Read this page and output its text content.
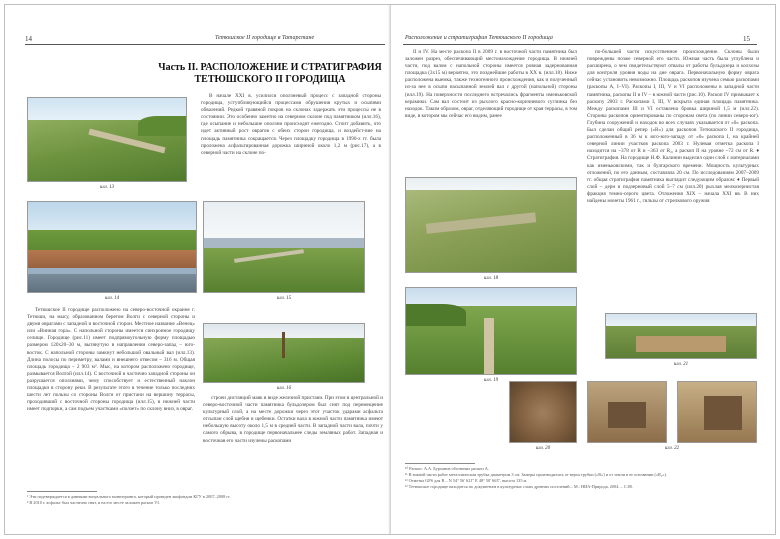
14	Тетюшское II городище в Татарстане
Часть II. РАСПОЛОЖЕНИЕ И СТРАТИГРАФИЯ ТЕТЮШСКОГО II ГОРОДИЩА
илл. 13

В начале XXI в. усилился оползневый процесс с западной стороны городища, уступбливующийся процессами обрушения крутых и осыпями обвалений. Редкой травяной покров на склонах задержать эти процессы не в состоянии. Это особенно заметно на северном склоне под памятником (илл.16), где осыпание и небольшие оползни происходят ежегодно. Стоит добавить, что идет активный рост оврагов с обеих сторон городища, и воздейст-вие на площадь памятника сокращается. Через площадку городища в 1990-х гг. была проложена асфальтированная дорожка шириной около 1,2 м (рис.17), а в северной части на склоне по-

илл. 14	илл. 15
илл. 16

Тетюшское II городище расположено на северо-восточной окраине г. Тетюши, на мысу, образованном берегом Волги с северной стороны и двумя оврагами с западной и восточной сторон. Местное название «Венец» или «Винная гора». С напольной стороны имеется синхронное городищу селище. Городище (рис.11) имеет подпрямоугольную форму площадью размером 120х20–30 м, вытянутую в направлении северо-запад – юго-восток. С напольной стороны замкнут небольшой овальный вал (илл.13). Длина полосы по периметру, валами и внешнего отвесом – 316 м. Общая площадь городища – 2 903 м². Мыс, на котором расположено городище, размывается Волгой (илл.14). С восточной и частично западной стороны он разрушается оползнями, чему способствует и естественный наклон площадки в сторону реки. В результате этого в течение только последних шести лет пользы со стороны Волги от пристани на вершину террасы, проходивший с восточной стороны городища (илл.15), в нижней части имеет подпорки, а сам подъем участками «ползет» по склону вниз, в овраг.

строен дистанций маяк в виде железной пристани. При этом в центральной и северо-восточной части памятника бульдозером был снят под перемещение культурный слой, а на месте дорожки через этот участок ударами асфальта отсыпан слой щебня и щебенки. Остатки вала в южной части памятника имеют небольшую высоту около 1,5 м в средней части. В западной части вала, почти у самого обрыва, в городище первоначальнее следы земляных работ. Западная и восточная его части изучены раскопами

¹ Эти подтверждается в данными визуального мониторинга, который проведен экофондом КГУ в 2007–2008 гг.
² В 2010 г. асфальт был частично снят, и на его месте заложен раскоп VI.
Расположение и стратиграфия Тетюшского II городища	15

II и IV. На месте раскопа II в 2009 г. в восточной части памятника был заложен разрез, обеспечивающий местонахождение городища. В нижней части, под валом с напольной стороны имеется ровная задернованная площадка (3х15 м) вероятно, это позднейшие работы в XX в. (илл.18). Ниже расположена выемка, также техногенного происхождения, как и полученный из-за нее в осыпи насыпанной землей вал с другой (напольной) стороны (илл.19). На поверхности последнего встречались фрагменты именьковской керамики. Сам вал состоит из рыхлого красно-коричневого суглинка без находок. Таким образом, овраг, отделяющий городище от края террасы, в том виде, в котором мы сейчас его видим, ранее

по-большей части искусственное происхождение. Склоны были повреждены позже северной его части. Южная часть была углублена и расширена, о чем свидетельствуют отвалы от работы бульдозера и колхозы для контроля уровня воды на дне оврага. Первоначальную форму оврага сейчас установить невозможно. Площадь раскопов изучена семью раскопами (раскопы A, I–VI). Раскопы I, III, V и VI расположены в западной части памятника, раскопы II и IV – в южной части (рис.10). Раскоп IV примыкает к раскопу 2003 г. Раскопами I, III, V вскрыта единая площадь памятника. Между раскопами III и VI оставлена бровка шириной 1,5 м (илл.22). Стороны раскопов ориентированы по сторонам света (по линии северо-юг). Глубина сооружений и находок во всех случаях указывается от «0» раскопа. Был сделан общий репер («R») для раскопов Тетюшского II городища, расположенный в 36 м к юго-юго-западу от «0» раскопа I, на крайней северной линии участков раскопа 2003 г. Нулевая отметка раскопа I находится на ~378 от R и ~363 от R₂, а раскоп II на уровне ~72 см от R. ♦ Стратиграфия. На городище Н.Ф. Калинин выделил один слой с материалами как именьковскими, так и булгарского времени. Мощность культурных отложений, по его данным, составляла 20 см. По исследованиям 2007–2009 гг. общая стратиграфия памятника выглядит следующим образом: ♦ Первый слой – дерн и подзерновый слой 5–7 см (илл.20) рыхлая мелкозернистая фракция темно-серого цвета. Отложения XIX – начала XXI вв. В них найдены монеты 1961 г., гильзы от стрелкового оружия

илл. 18
илл. 19
илл. 21
илл. 20	илл. 22
¹⁰ Раскоп: А.А. Бурханов обозначил раскоп А.
¹¹ В южной части работ металлическая трубка диаметром 3 см. Замеры производились от верха трубки («R») и от земли в ее основании («R₂»).
¹² Отметка GPS для R – N 54° 56' 621'' E 48° 50' 663'', высота 135 м.
¹³ Тетюшское городище находится по документам в культурных слоях древних поселений... М.: НИА-Природа, 2004. – С.80.
